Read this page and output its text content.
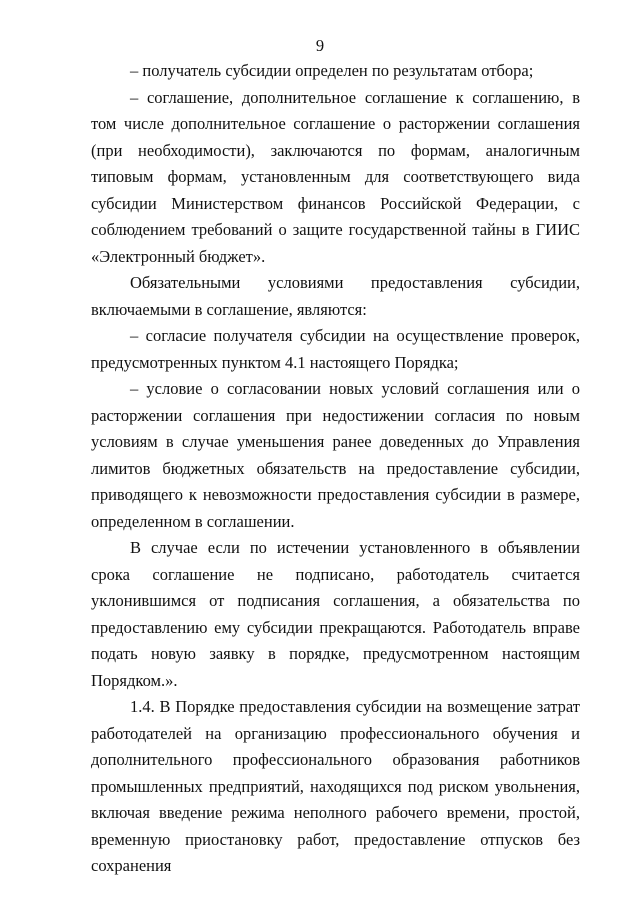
9

– получатель субсидии определен по результатам отбора;

– соглашение, дополнительное соглашение к соглашению, в том числе дополнительное соглашение о расторжении соглашения (при необходимости), заключаются по формам, аналогичным типовым формам, установленным для соответствующего вида субсидии Министерством финансов Российской Федерации, с соблюдением требований о защите государственной тайны в ГИИС «Электронный бюджет».

Обязательными условиями предоставления субсидии, включаемыми в соглашение, являются:

– согласие получателя субсидии на осуществление проверок, предусмотренных пунктом 4.1 настоящего Порядка;

– условие о согласовании новых условий соглашения или о расторжении соглашения при недостижении согласия по новым условиям в случае уменьшения ранее доведенных до Управления лимитов бюджетных обязательств на предоставление субсидии, приводящего к невозможности предоставления субсидии в размере, определенном в соглашении.

В случае если по истечении установленного в объявлении срока соглашение не подписано, работодатель считается уклонившимся от подписания соглашения, а обязательства по предоставлению ему субсидии прекращаются. Работодатель вправе подать новую заявку в порядке, предусмотренном настоящим Порядком.».

1.4. В Порядке предоставления субсидии на возмещение затрат работодателей на организацию профессионального обучения и дополнительного профессионального образования работников промышленных предприятий, находящихся под риском увольнения, включая введение режима неполного рабочего времени, простой, временную приостановку работ, предоставление отпусков без сохранения
